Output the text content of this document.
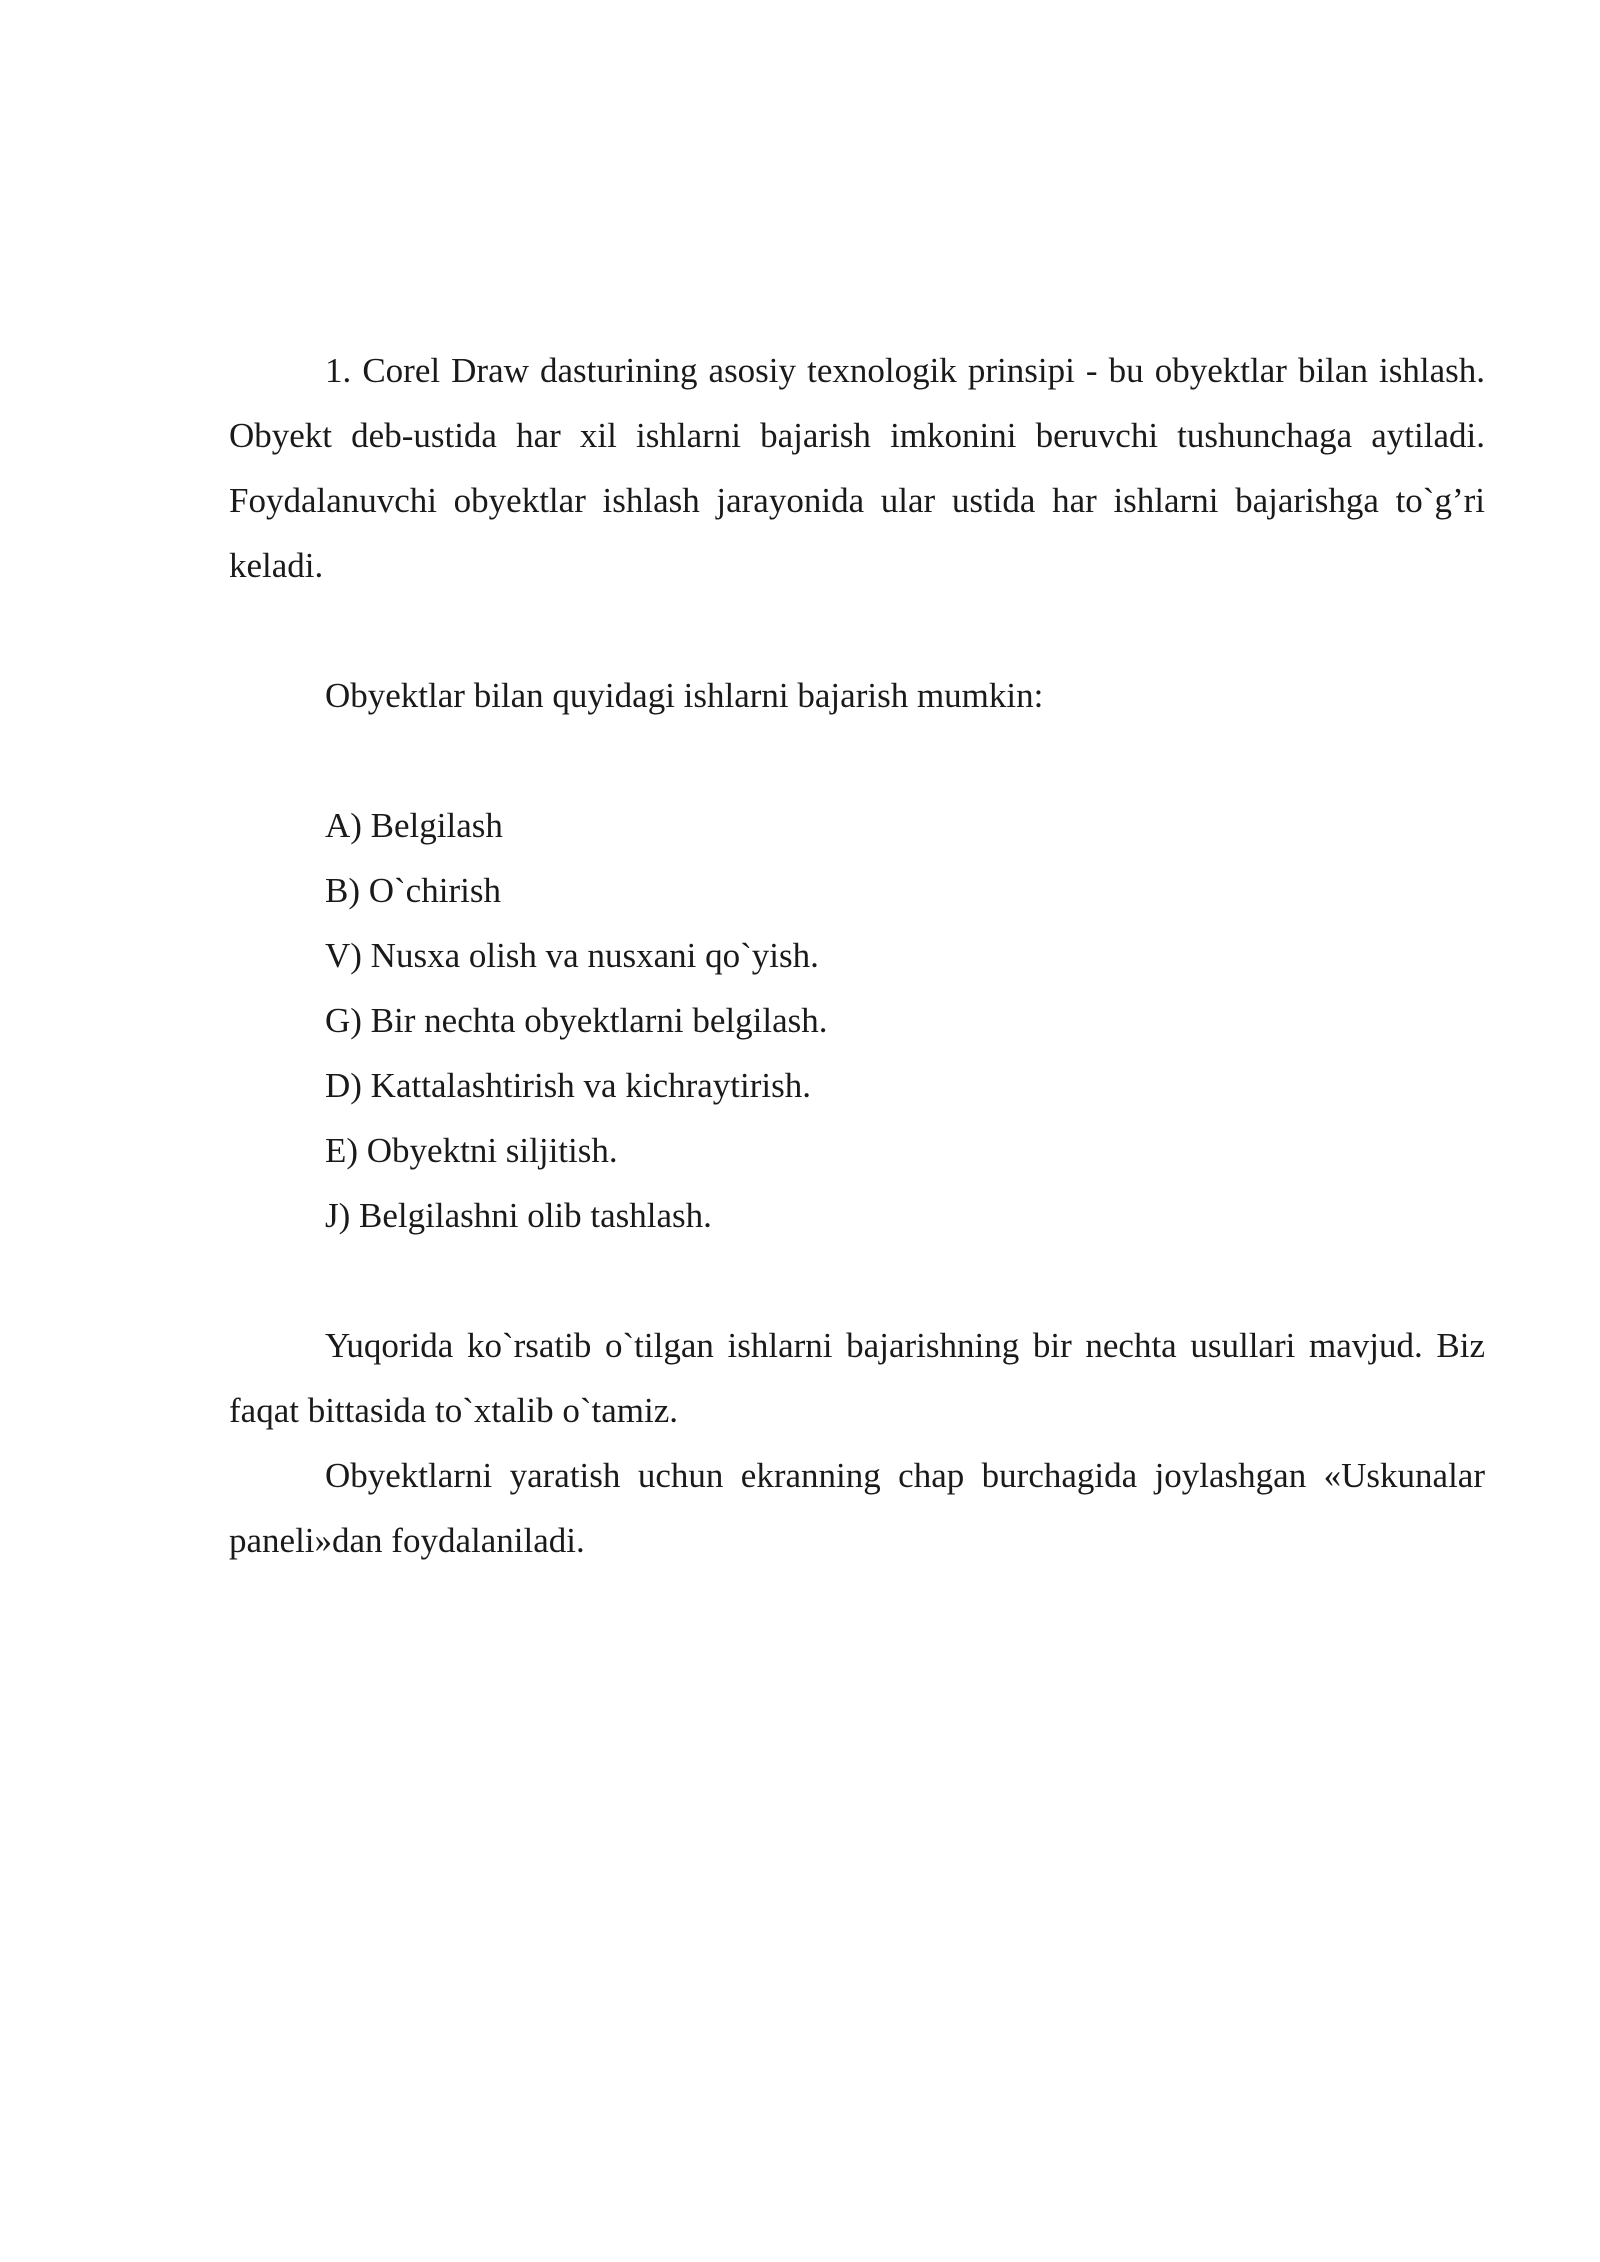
1. Corel Draw dasturining asosiy texnologik prinsipi - bu obyektlar bilan ishlash. Obyekt deb-ustida har xil ishlarni bajarish imkonini beruvchi tushunchaga aytiladi. Foydalanuvchi obyektlar ishlash jarayonida ular ustida har ishlarni bajarishga to`g’ri keladi.

Obyektlar bilan quyidagi ishlarni bajarish mumkin:

A) Belgilash
B) O`chirish
V) Nusxa olish va nusxani qo`yish.
G) Bir nechta obyektlarni belgilash.
D) Kattalashtirish va kichraytirish.
E) Obyektni siljitish.
J) Belgilashni olib tashlash.

Yuqorida ko`rsatib o`tilgan ishlarni bajarishning bir nechta usullari mavjud. Biz faqat bittasida to`xtalib o`tamiz.

Obyektlarni yaratish uchun ekranning chap burchagida joylashgan «Uskunalar paneli»dan foydalaniladi.
